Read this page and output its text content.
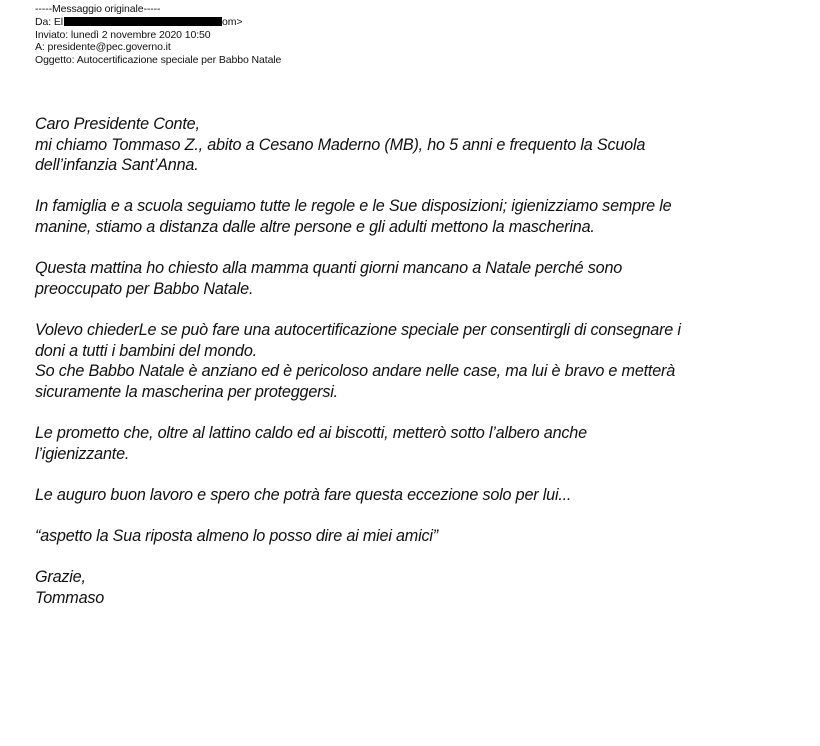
-----Messaggio originale-----
Da: El	om>
Inviato: lunedì 2 novembre 2020 10:50
A: presidente@pec.governo.it
Oggetto: Autocertificazione speciale per Babbo Natale

Caro Presidente Conte,

mi chiamo Tommaso Z., abito a Cesano Maderno (MB), ho 5 anni e frequento la Scuola

dell’infanzia Sant’Anna.

In famiglia e a scuola seguiamo tutte le regole e le Sue disposizioni; igienizziamo sempre le

manine, stiamo a distanza dalle altre persone e gli adulti mettono la mascherina.

Questa mattina ho chiesto alla mamma quanti giorni mancano a Natale perché sono

preoccupato per Babbo Natale.

Volevo chiederLe se può fare una autocertificazione speciale per consentirgli di consegnare i

doni a tutti i bambini del mondo.

So che Babbo Natale è anziano ed è pericoloso andare nelle case, ma lui è bravo e metterà

sicuramente la mascherina per proteggersi.

Le prometto che, oltre al lattino caldo ed ai biscotti, metterò sotto l’albero anche

l’igienizzante.

Le auguro buon lavoro e spero che potrà fare questa eccezione solo per lui...

“aspetto la Sua riposta almeno lo posso dire ai miei amici”

Grazie,

Tommaso
